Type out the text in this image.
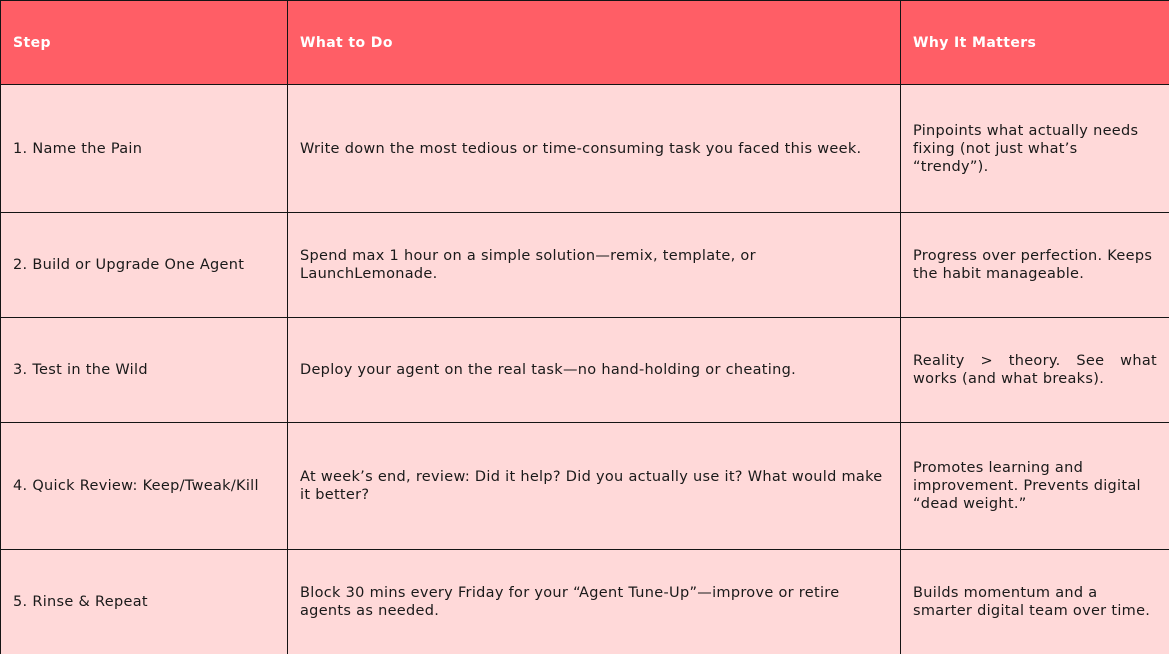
Step	What to Do	Why It Matters
1. Name the Pain	Write down the most tedious or time-consuming task you faced this week.	Pinpoints what actually needs fixing (not just what’s “trendy”).
2. Build or Upgrade One Agent	Spend max 1 hour on a simple solution—remix, template, or LaunchLemonade.	Progress over perfection. Keeps the habit manageable.
3. Test in the Wild	Deploy your agent on the real task—no hand-holding or cheating.	Reality > theory. See what works (and what breaks).
4. Quick Review: Keep/Tweak/Kill	At week’s end, review: Did it help? Did you actually use it? What would make it better?	Promotes learning and improvement. Prevents digital “dead weight.”
5. Rinse & Repeat	Block 30 mins every Friday for your “Agent Tune-Up”—improve or retire agents as needed.	Builds momentum and a smarter digital team over time.
